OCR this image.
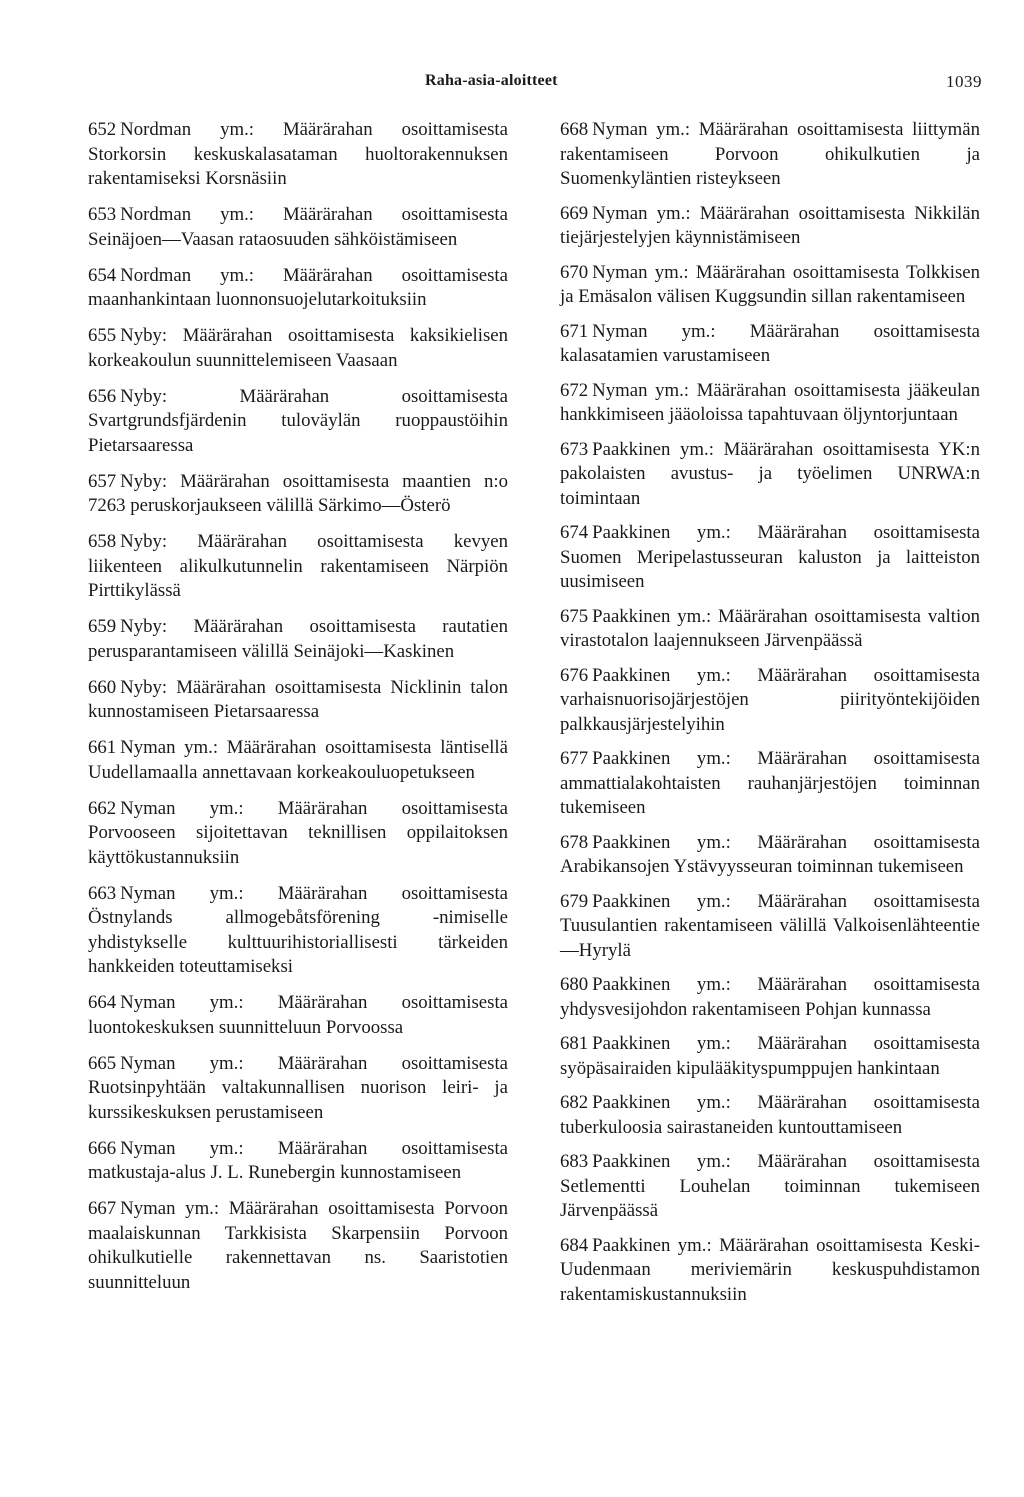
Raha-asia-aloitteet	1039

652 Nordman ym.: Määrärahan osoittamisesta Storkorsin keskuskalasataman huoltorakennuksen rakentamiseksi Korsnäsiin

653 Nordman ym.: Määrärahan osoittamisesta Seinäjoen—Vaasan rataosuuden sähköistämiseen

654 Nordman ym.: Määrärahan osoittamisesta maanhankintaan luonnonsuojelutarkoituksiin

655 Nyby: Määrärahan osoittamisesta kaksikielisen korkeakoulun suunnittelemiseen Vaasaan

656 Nyby: Määrärahan osoittamisesta Svartgrundsfjärdenin tuloväylän ruoppaustöihin Pietarsaaressa

657 Nyby: Määrärahan osoittamisesta maantien n:o 7263 peruskorjaukseen välillä Särkimo—Österö

658 Nyby: Määrärahan osoittamisesta kevyen liikenteen alikulkutunnelin rakentamiseen Närpiön Pirttikylässä

659 Nyby: Määrärahan osoittamisesta rautatien perusparantamiseen välillä Seinäjoki—Kaskinen

660 Nyby: Määrärahan osoittamisesta Nicklinin talon kunnostamiseen Pietarsaaressa

661 Nyman ym.: Määrärahan osoittamisesta läntisellä Uudellamaalla annettavaan korkeakouluopetukseen

662 Nyman ym.: Määrärahan osoittamisesta Porvooseen sijoitettavan teknillisen oppilaitoksen käyttökustannuksiin

663 Nyman ym.: Määrärahan osoittamisesta Östnylands allmogebåtsförening -nimiselle yhdistykselle kulttuurihistoriallisesti tärkeiden hankkeiden toteuttamiseksi

664 Nyman ym.: Määrärahan osoittamisesta luontokeskuksen suunnitteluun Porvoossa

665 Nyman ym.: Määrärahan osoittamisesta Ruotsinpyhtään valtakunnallisen nuorison leiri- ja kurssikeskuksen perustamiseen

666 Nyman ym.: Määrärahan osoittamisesta matkustaja-alus J. L. Runebergin kunnostamiseen

667 Nyman ym.: Määrärahan osoittamisesta Porvoon maalaiskunnan Tarkkisista Skarpensiin Porvoon ohikulkutielle rakennettavan ns. Saaristotien suunnitteluun

668 Nyman ym.: Määrärahan osoittamisesta liittymän rakentamiseen Porvoon ohikulkutien ja Suomenkyläntien risteykseen

669 Nyman ym.: Määrärahan osoittamisesta Nikkilän tiejärjestelyjen käynnistämiseen

670 Nyman ym.: Määrärahan osoittamisesta Tolkkisen ja Emäsalon välisen Kuggsundin sillan rakentamiseen

671 Nyman ym.: Määrärahan osoittamisesta kalasatamien varustamiseen

672 Nyman ym.: Määrärahan osoittamisesta jääkeulan hankkimiseen jääoloissa tapahtuvaan öljyntorjuntaan

673 Paakkinen ym.: Määrärahan osoittamisesta YK:n pakolaisten avustus- ja työelimen UNRWA:n toimintaan

674 Paakkinen ym.: Määrärahan osoittamisesta Suomen Meripelastusseuran kaluston ja laitteiston uusimiseen

675 Paakkinen ym.: Määrärahan osoittamisesta valtion virastotalon laajennukseen Järvenpäässä

676 Paakkinen ym.: Määrärahan osoittamisesta varhaisnuorisojärjestöjen piirityöntekijöiden palkkausjärjestelyihin

677 Paakkinen ym.: Määrärahan osoittamisesta ammattialakohtaisten rauhanjärjestöjen toiminnan tukemiseen

678 Paakkinen ym.: Määrärahan osoittamisesta Arabikansojen Ystävyysseuran toiminnan tukemiseen

679 Paakkinen ym.: Määrärahan osoittamisesta Tuusulantien rakentamiseen välillä Valkoisenlähteentie—Hyrylä

680 Paakkinen ym.: Määrärahan osoittamisesta yhdysvesijohdon rakentamiseen Pohjan kunnassa

681 Paakkinen ym.: Määrärahan osoittamisesta syöpäsairaiden kipulääkityspumppujen hankintaan

682 Paakkinen ym.: Määrärahan osoittamisesta tuberkuloosia sairastaneiden kuntouttamiseen

683 Paakkinen ym.: Määrärahan osoittamisesta Setlementti Louhelan toiminnan tukemiseen Järvenpäässä

684 Paakkinen ym.: Määrärahan osoittamisesta Keski-Uudenmaan meriviemärin keskuspuhdistamon rakentamiskustannuksiin
